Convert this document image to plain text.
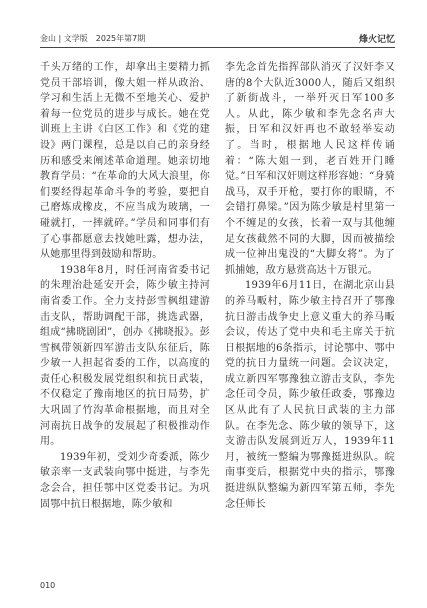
金山 | 文学版　2025年第7期	烽火记忆

千头万绪的工作，却拿出主要精力抓党员干部培训，像大姐一样从政治、学习和生活上无微不至地关心、爱护着每一位党员的进步与成长。她在党训班上主讲《白区工作》和《党的建设》两门课程，总是以自己的亲身经历和感受来阐述革命道理。她亲切地教育学员：“在革命的大风大浪里，你们要经得起革命斗争的考验，要把自己磨炼成橡皮，不应当成为玻璃，一碰就打，一摔就碎。”学员和同事们有了心事都愿意去找她吐露，想办法，从她那里得到鼓励和帮助。

1938年8月，时任河南省委书记的朱理治赴延安开会，陈少敏主持河南省委工作。全力支持彭雪枫组建游击支队，帮助调配干部，挑选武器，组成“拂晓剧团”，创办《拂晓报》。彭雪枫带领新四军游击支队东征后，陈少敏一人担起省委的工作，以高度的责任心积极发展党组织和抗日武装，不仅稳定了豫南地区的抗日局势，扩大巩固了竹沟革命根据地，而且对全河南抗日战争的发展起了积极推动作用。

1939年初，受刘少奇委派，陈少敏亲率一支武装向鄂中挺进，与李先念会合，担任鄂中区党委书记。为巩固鄂中抗日根据地，陈少敏和

李先念首先指挥部队消灭了汉奸李又唐的8个大队近3000人，随后又组织了新街战斗，一举歼灭日军100多人。从此，陈少敏和李先念名声大振，日军和汉奸再也不敢轻举妄动了。当时，根据地人民这样传诵着：“陈大姐一到，老百姓开门睡觉。”日军和汉奸则这样形容她：“身骑战马，双手开枪，要打你的眼睛，不会错打鼻梁。”因为陈少敏是村里第一个不缠足的女孩，长着一双与其他缠足女孩截然不同的大脚，因而被描绘成一位神出鬼没的“大脚女将”。为了抓捕她，敌方悬赏高达十万银元。

1939年6月11日，在湖北京山县的养马畈村，陈少敏主持召开了鄂豫抗日游击战争史上意义重大的养马畈会议，传达了党中央和毛主席关于抗日根据地的6条指示，讨论鄂中、鄂中党的抗日力量统一问题。会议决定，成立新四军鄂豫独立游击支队，李先念任司令员，陈少敏任政委，鄂豫边区从此有了人民抗日武装的主力部队。在李先念、陈少敏的领导下，这支游击队发展到近万人，1939年11月，被统一整编为鄂豫挺进纵队。皖南事变后，根据党中央的指示，鄂豫挺进纵队整编为新四军第五师，李先念任师长

010
